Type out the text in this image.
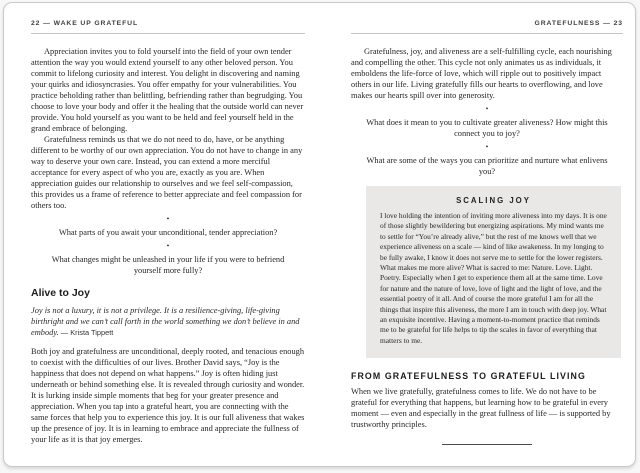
22 — WAKE UP GRATEFUL

Appreciation invites you to fold yourself into the field of your own tender attention the way you would extend yourself to any other beloved person. You commit to lifelong curiosity and interest. You delight in discovering and naming your quirks and idiosyncrasies. You offer empathy for your vulnerabilities. You practice beholding rather than belittling, befriending rather than begrudging. You choose to love your body and offer it the healing that the outside world can never provide. You hold yourself as you want to be held and feel yourself held in the grand embrace of belonging.

Gratefulness reminds us that we do not need to do, have, or be anything different to be worthy of our own appreciation. You do not have to change in any way to deserve your own care. Instead, you can extend a more merciful acceptance for every aspect of who you are, exactly as you are. When appreciation guides our relationship to ourselves and we feel self-compassion, this provides us a frame of reference to better appreciate and feel compassion for others too.

•

What parts of you await your unconditional, tender appreciation?

•

What changes might be unleashed in your life if you were to befriend yourself more fully?

Alive to Joy

Joy is not a luxury, it is not a privilege. It is a resilience-giving, life-giving birthright and we can’t call forth in the world something we don’t believe in and embody. — Krista Tippett

Both joy and gratefulness are unconditional, deeply rooted, and tenacious enough to coexist with the difficulties of our lives. Brother David says, “Joy is the happiness that does not depend on what happens.” Joy is often hiding just underneath or behind something else. It is revealed through curiosity and wonder. It is lurking inside simple moments that beg for your greater presence and appreciation. When you tap into a grateful heart, you are connecting with the same forces that help you to experience this joy. It is our full aliveness that wakes up the presence of joy. It is in learning to embrace and appreciate the fullness of your life as it is that joy emerges.

GRATEFULNESS — 23

Gratefulness, joy, and aliveness are a self-fulfilling cycle, each nourishing and compelling the other. This cycle not only animates us as individuals, it emboldens the life-force of love, which will ripple out to positively impact others in our life. Living gratefully fills our hearts to overflowing, and love makes our hearts spill over into generosity.

•

What does it mean to you to cultivate greater aliveness? How might this connect you to joy?

•

What are some of the ways you can prioritize and nurture what enlivens you?

SCALING JOY

I love holding the intention of inviting more aliveness into my days. It is one of those slightly bewildering but energizing aspirations. My mind wants me to settle for “You’re already alive,” but the rest of me knows well that we experience aliveness on a scale — kind of like awakeness. In my longing to be fully awake, I know it does not serve me to settle for the lower registers. What makes me more alive? What is sacred to me: Nature. Love. Light. Poetry. Especially when I get to experience them all at the same time. Love for nature and the nature of love, love of light and the light of love, and the essential poetry of it all. And of course the more grateful I am for all the things that inspire this aliveness, the more I am in touch with deep joy. What an exquisite incentive. Having a moment-to-moment practice that reminds me to be grateful for life helps to tip the scales in favor of everything that matters to me.

FROM GRATEFULNESS TO GRATEFUL LIVING

When we live gratefully, gratefulness comes to life. We do not have to be grateful for everything that happens, but learning how to be grateful in every moment — even and especially in the great fullness of life — is supported by trustworthy principles.
